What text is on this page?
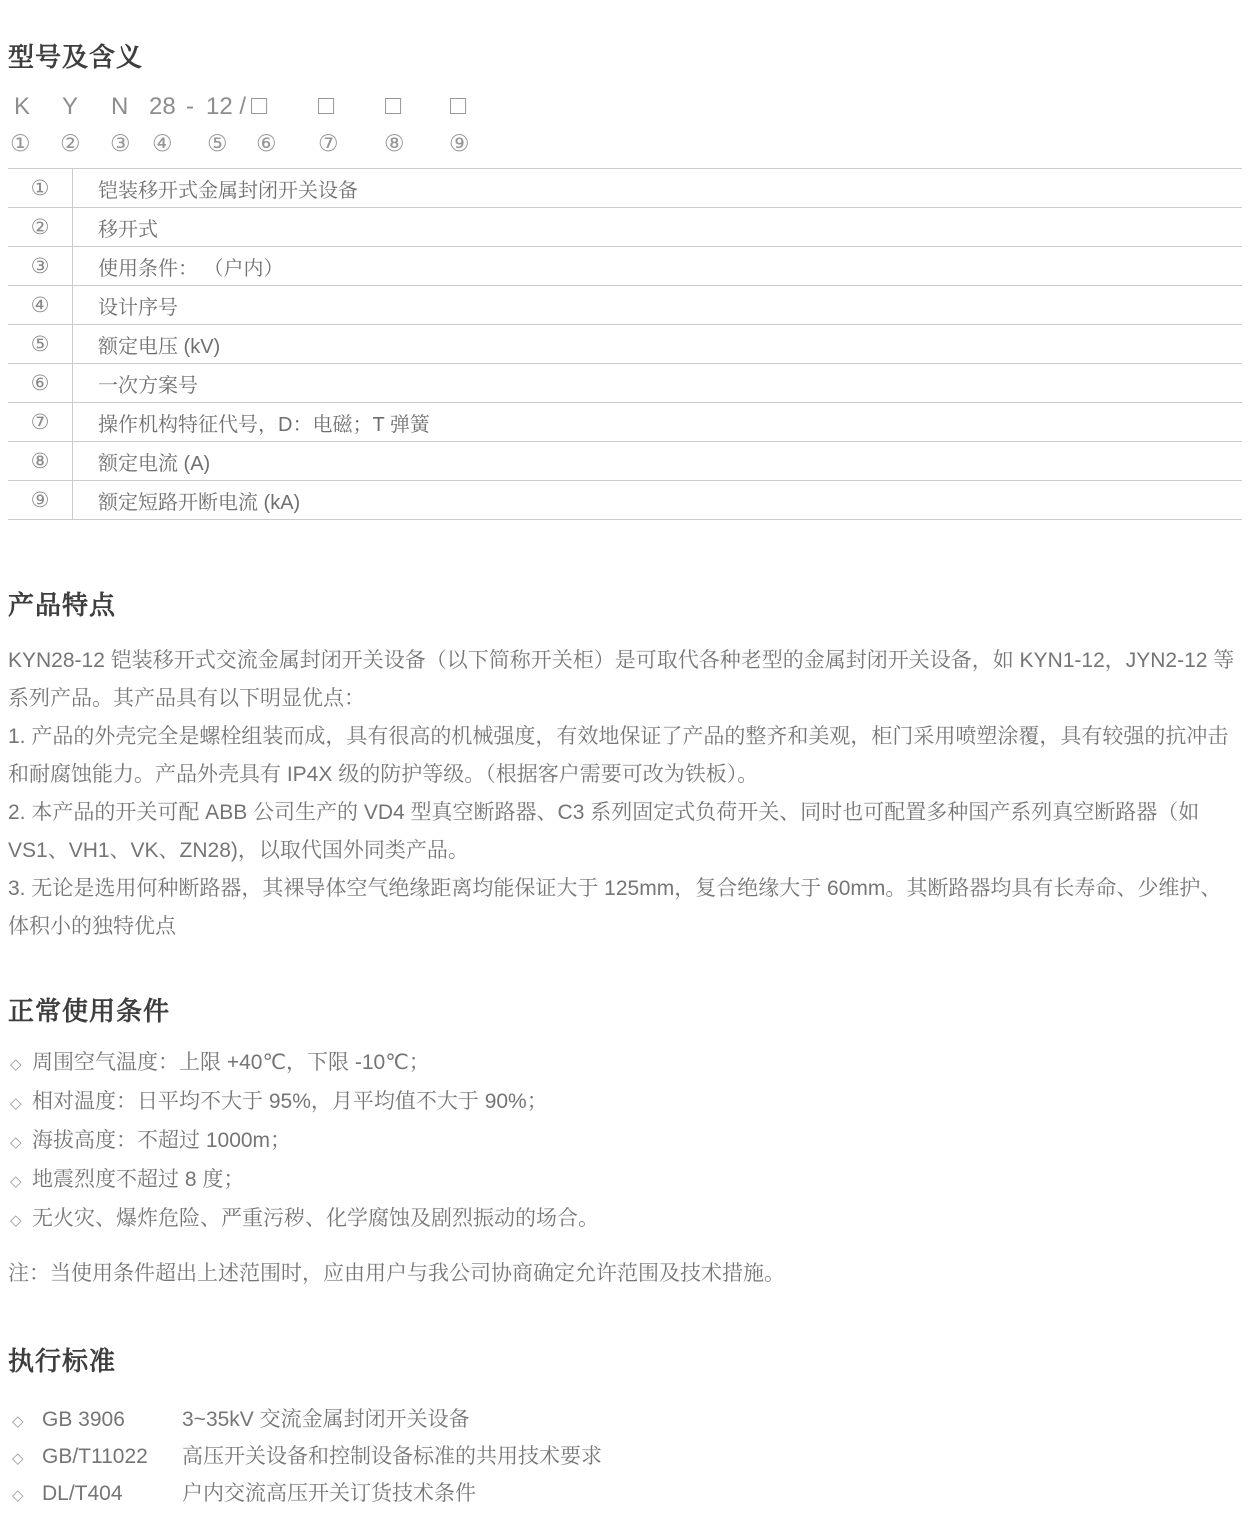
型号及含义
K Y N 28 - 12 / □ □ □ □
① ② ③ ④ ⑤ ⑥ ⑦ ⑧ ⑨
①	铠装移开式金属封闭开关设备
②	移开式
③	使用条件： （户内）
④	设计序号
⑤	额定电压 (kV)
⑥	一次方案号
⑦	操作机构特征代号，D：电磁；T 弹簧
⑧	额定电流 (A)
⑨	额定短路开断电流 (kA)
产品特点

KYN28-12 铠装移开式交流金属封闭开关设备（以下简称开关柜）是可取代各种老型的金属封闭开关设备，如 KYN1-12，JYN2-12 等系列产品。其产品具有以下明显优点：

1. 产品的外壳完全是螺栓组装而成，具有很高的机械强度，有效地保证了产品的整齐和美观，柜门采用喷塑涂覆，具有较强的抗冲击 和耐腐蚀能力。产品外壳具有 IP4X 级的防护等级。（根据客户需要可改为铁板）。

2. 本产品的开关可配 ABB 公司生产的 VD4 型真空断路器、C3 系列固定式负荷开关、同时也可配置多种国产系列真空断路器（如 VS1、VH1、VK、ZN28)，以取代国外同类产品。

3. 无论是选用何种断路器，其裸导体空气绝缘距离均能保证大于 125mm，复合绝缘大于 60mm。其断路器均具有长寿命、少维护、体积小的独特优点

正常使用条件
◇ 周围空气温度：上限 +40℃，下限 -10℃；
◇ 相对温度：日平均不大于 95%，月平均值不大于 90%；
◇ 海拔高度：不超过 1000m；
◇ 地震烈度不超过 8 度；
◇ 无火灾、爆炸危险、严重污秽、化学腐蚀及剧烈振动的场合。
注：当使用条件超出上述范围时，应由用户与我公司协商确定允许范围及技术措施。
执行标准
◇ GB 3906	3~35kV 交流金属封闭开关设备
◇ GB/T11022	高压开关设备和控制设备标准的共用技术要求
◇ DL/T404	户内交流高压开关订货技术条件
